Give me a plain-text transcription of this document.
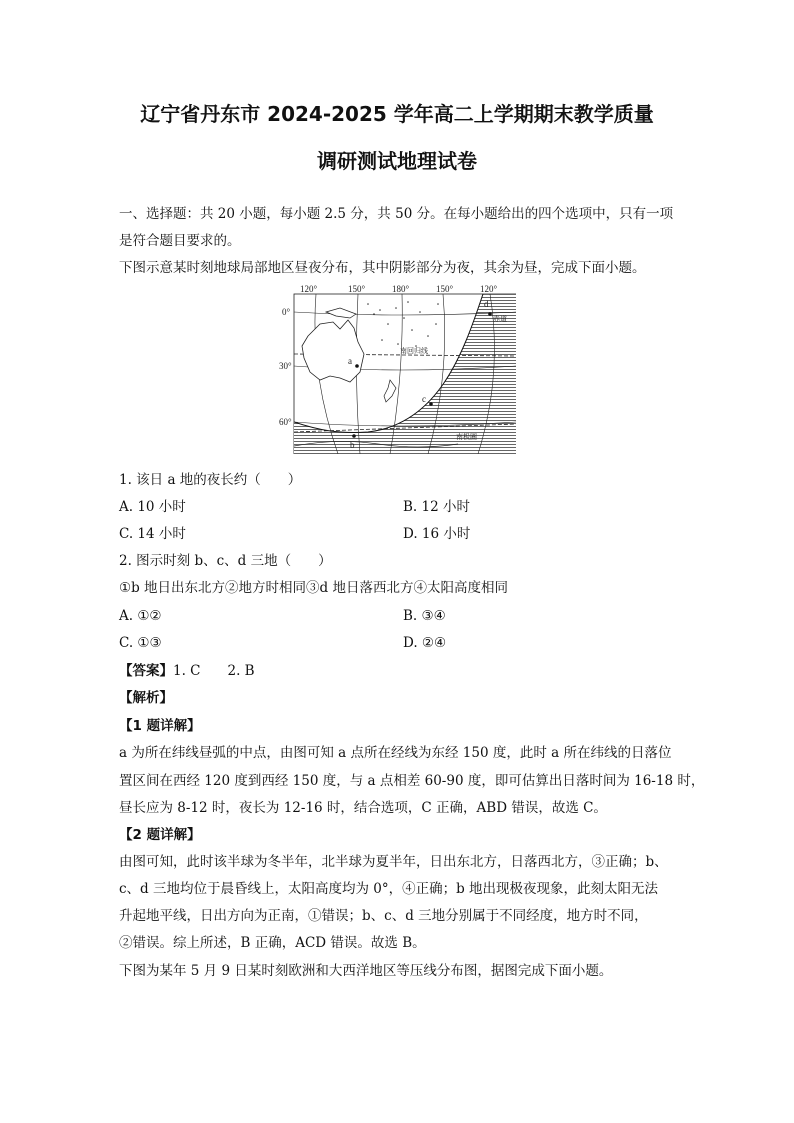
辽宁省丹东市 2024-2025 学年高二上学期期末教学质量
调研测试地理试卷
一、选择题：共 20 小题，每小题 2.5 分，共 50 分。在每小题给出的四个选项中，只有一项
是符合题目要求的。
下图示意某时刻地球局部地区昼夜分布，其中阴影部分为夜，其余为昼，完成下面小题。
120°	150°	180°	150°	120°
0°
30°
60°
赤道
南回归线
南极圈
a
b
c
d
1. 该日 a 地的夜长约（　　）
A. 10 小时	B. 12 小时
C. 14 小时	D. 16 小时
2. 图示时刻 b、c、d 三地（　　）
①b 地日出东北方②地方时相同③d 地日落西北方④太阳高度相同
A. ①②	B. ③④
C. ①③	D. ②④
【答案】1. C　　2. B
【解析】
【1 题详解】
a 为所在纬线昼弧的中点，由图可知 a 点所在经线为东经 150 度，此时 a 所在纬线的日落位
置区间在西经 120 度到西经 150 度，与 a 点相差 60-90 度，即可估算出日落时间为 16-18 时，
昼长应为 8-12 时，夜长为 12-16 时，结合选项，C 正确，ABD 错误，故选 C。
【2 题详解】
由图可知，此时该半球为冬半年，北半球为夏半年，日出东北方，日落西北方，③正确；b、
c、d 三地均位于晨昏线上，太阳高度均为 0°，④正确；b 地出现极夜现象，此刻太阳无法
升起地平线，日出方向为正南，①错误；b、c、d 三地分别属于不同经度，地方时不同，
②错误。综上所述，B 正确，ACD 错误。故选 B。
下图为某年 5 月 9 日某时刻欧洲和大西洋地区等压线分布图，据图完成下面小题。
